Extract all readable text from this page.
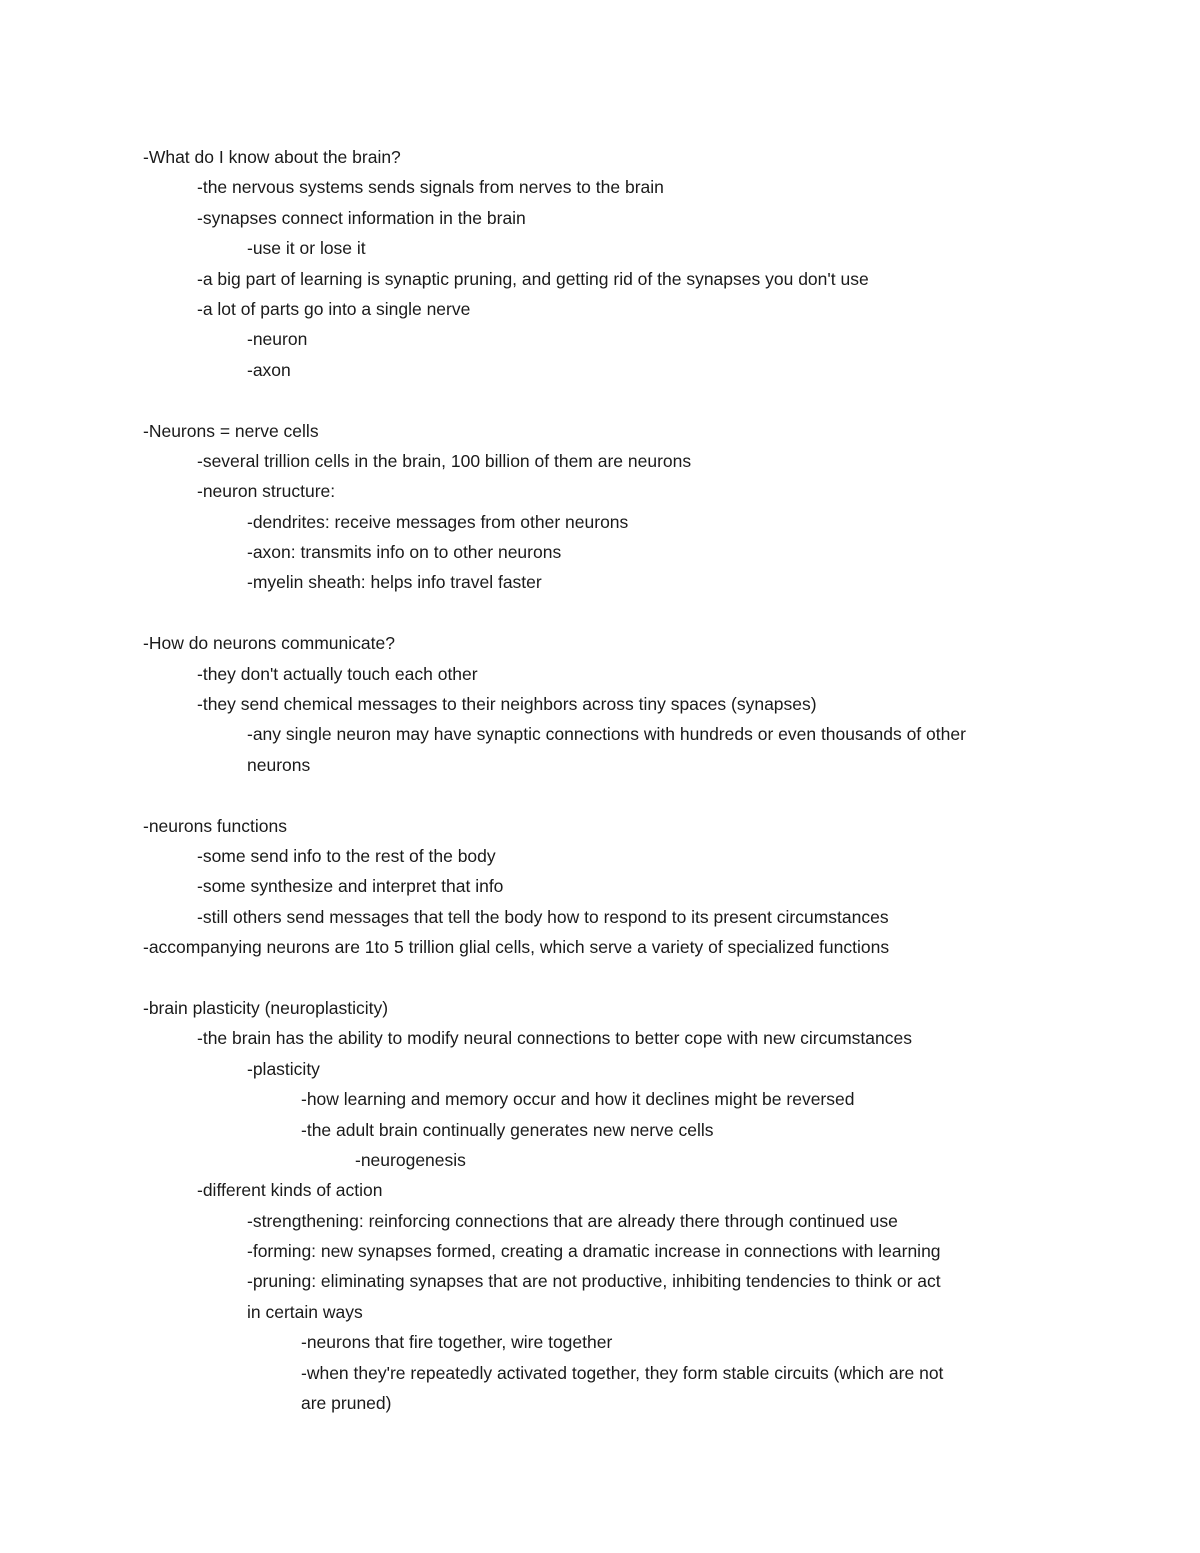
-What do I know about the brain?
-the nervous systems sends signals from nerves to the brain
-synapses connect information in the brain
-use it or lose it
-a big part of learning is synaptic pruning, and getting rid of the synapses you don't use
-a lot of parts go into a single nerve
-neuron
-axon
-Neurons = nerve cells
-several trillion cells in the brain, 100 billion of them are neurons
-neuron structure:
-dendrites: receive messages from other neurons
-axon: transmits info on to other neurons
-myelin sheath: helps info travel faster
-How do neurons communicate?
-they don't actually touch each other
-they send chemical messages to their neighbors across tiny spaces (synapses)
-any single neuron may have synaptic connections with hundreds or even thousands of other
neurons
-neurons functions
-some send info to the rest of the body
-some synthesize and interpret that info
-still others send messages that tell the body how to respond to its present circumstances
-accompanying neurons are 1to 5 trillion glial cells, which serve a variety of specialized functions
-brain plasticity (neuroplasticity)
-the brain has the ability to modify neural connections to better cope with new circumstances
-plasticity
-how learning and memory occur and how it declines might be reversed
-the adult brain continually generates new nerve cells
-neurogenesis
-different kinds of action
-strengthening: reinforcing connections that are already there through continued use
-forming: new synapses formed, creating a dramatic increase in connections with learning
-pruning: eliminating synapses that are not productive, inhibiting tendencies to think or act
in certain ways
-neurons that fire together, wire together
-when they're repeatedly activated together, they form stable circuits (which are not
are pruned)
